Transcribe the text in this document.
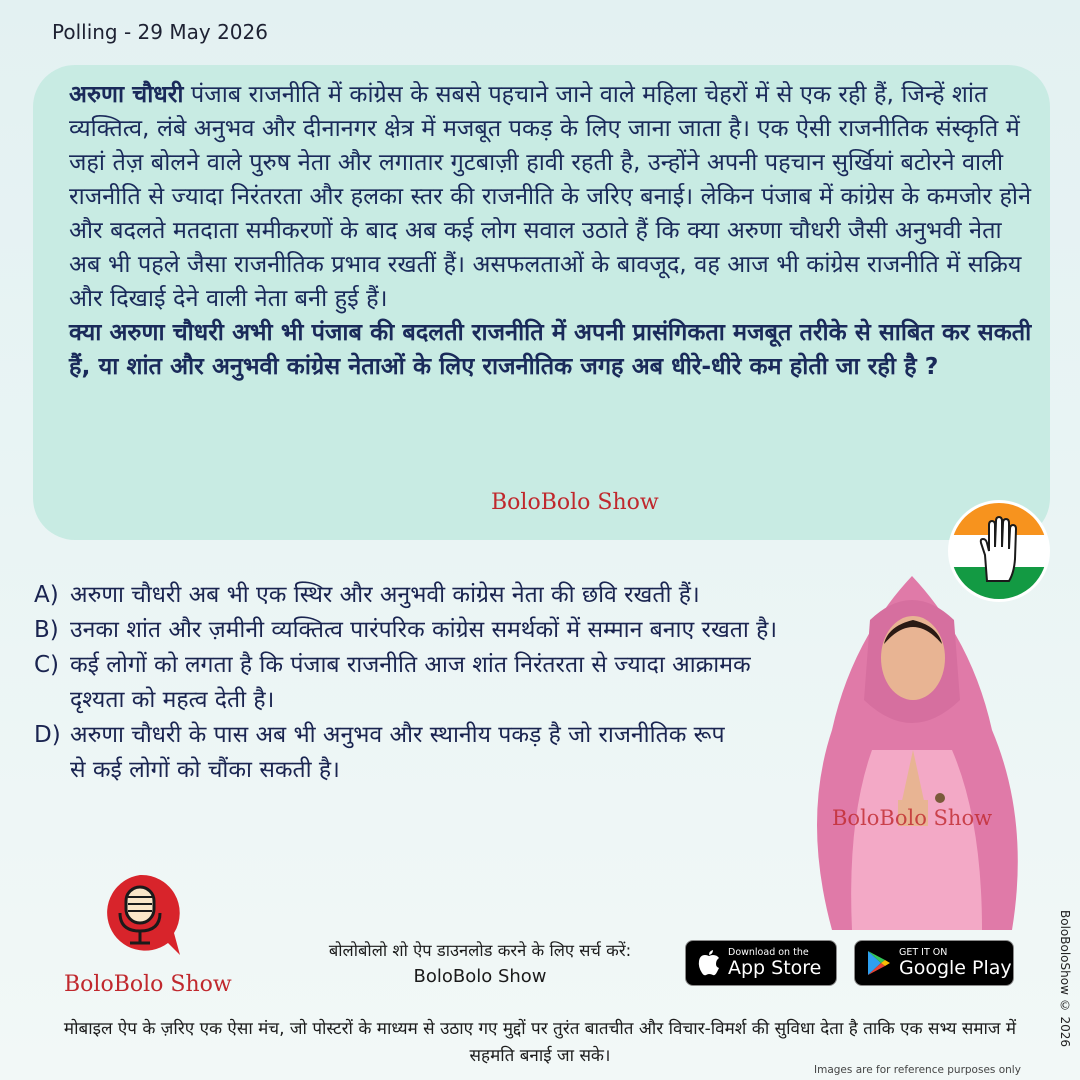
Polling - 29 May 2026

अरुणा चौधरी पंजाब राजनीति में कांग्रेस के सबसे पहचाने जाने वाले महिला चेहरों में से एक रही हैं, जिन्हें शांत व्यक्तित्व, लंबे अनुभव और दीनानगर क्षेत्र में मजबूत पकड़ के लिए जाना जाता है। एक ऐसी राजनीतिक संस्कृति में जहां तेज़ बोलने वाले पुरुष नेता और लगातार गुटबाज़ी हावी रहती है, उन्होंने अपनी पहचान सुर्खियां बटोरने वाली राजनीति से ज्यादा निरंतरता और हलका स्तर की राजनीति के जरिए बनाई। लेकिन पंजाब में कांग्रेस के कमजोर होने और बदलते मतदाता समीकरणों के बाद अब कई लोग सवाल उठाते हैं कि क्या अरुणा चौधरी जैसी अनुभवी नेता अब भी पहले जैसा राजनीतिक प्रभाव रखतीं हैं। असफलताओं के बावजूद, वह आज भी कांग्रेस राजनीति में सक्रिय और दिखाई देने वाली नेता बनी हुई हैं।

क्या अरुणा चौधरी अभी भी पंजाब की बदलती राजनीति में अपनी प्रासंगिकता मजबूत तरीके से साबित कर सकती हैं, या शांत और अनुभवी कांग्रेस नेताओं के लिए राजनीतिक जगह अब धीरे-धीरे कम होती जा रही है ?

BoloBolo Show
A) अरुणा चौधरी अब भी एक स्थिर और अनुभवी कांग्रेस नेता की छवि रखती हैं।
B) उनका शांत और ज़मीनी व्यक्तित्व पारंपरिक कांग्रेस समर्थकों में सम्मान बनाए रखता है।
C) कई लोगों को लगता है कि पंजाब राजनीति आज शांत निरंतरता से ज्यादा आक्रामक दृश्यता को महत्व देती है।
D) अरुणा चौधरी के पास अब भी अनुभव और स्थानीय पकड़ है जो राजनीतिक रूप से कई लोगों को चौंका सकती है।
BoloBolo Show
BoloBoloShow © 2026
BoloBolo Show
बोलोबोलो शो ऐप डाउनलोड करने के लिए सर्च करें:
BoloBolo Show
Download on the
App Store
GET IT ON
Google Play
मोबाइल ऐप के ज़रिए एक ऐसा मंच, जो पोस्टरों के माध्यम से उठाए गए मुद्दों पर तुरंत बातचीत और विचार-विमर्श की सुविधा देता है ताकि एक सभ्य समाज में सहमति बनाई जा सके।
Images are for reference purposes only
